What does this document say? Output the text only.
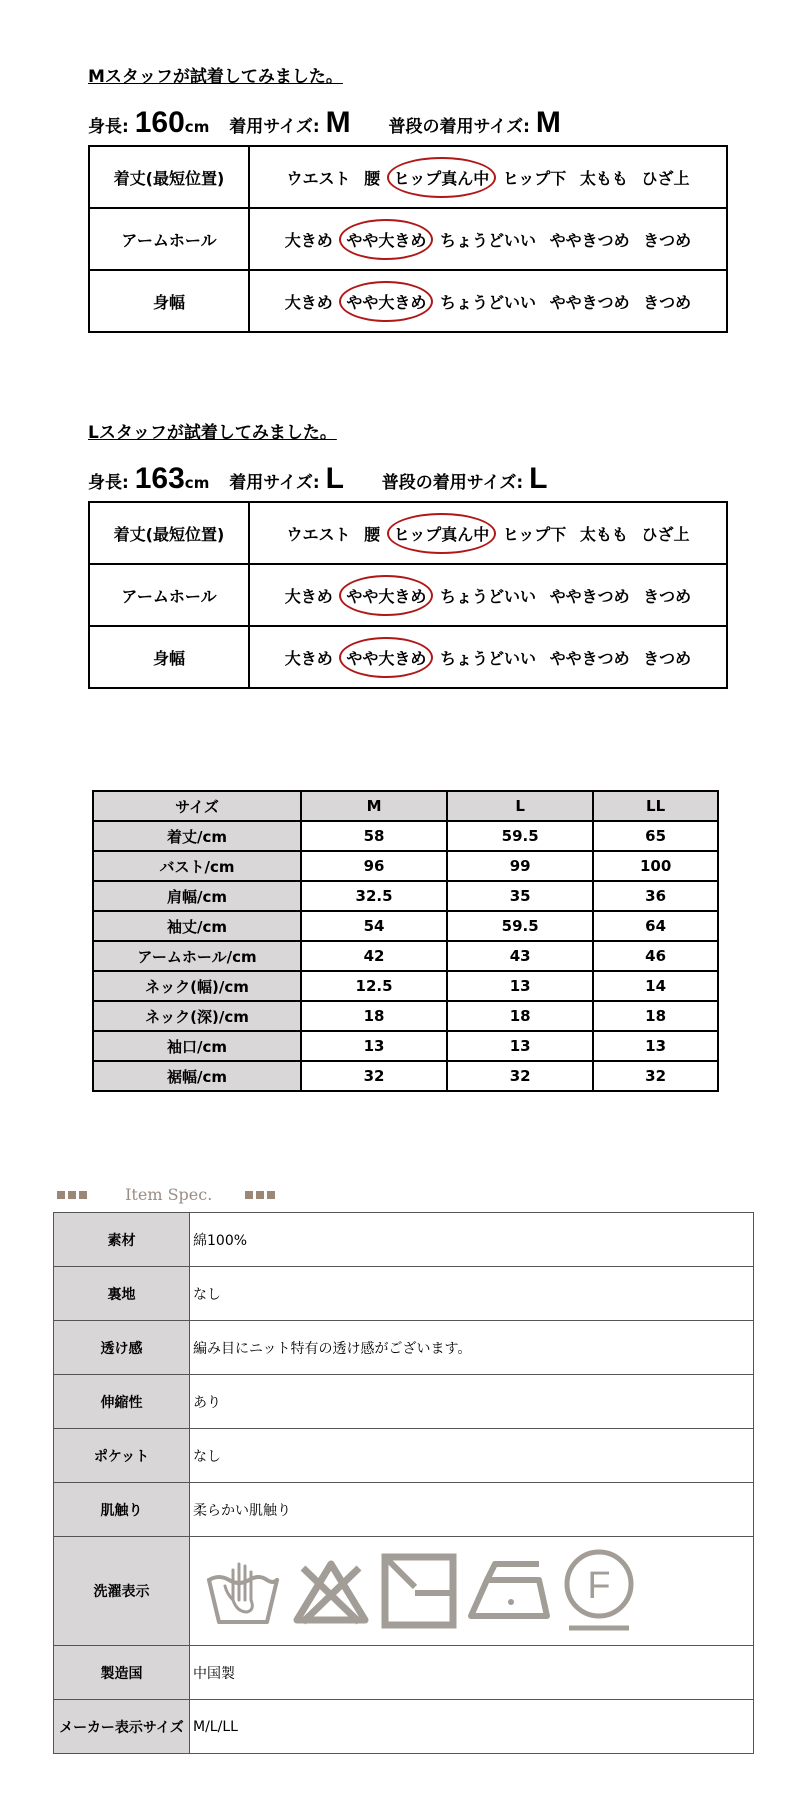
Mスタッフが試着してみました。
身長: 160cm 着用サイズ: M 普段の着用サイズ: M
着丈(最短位置)	ウエスト 腰 ヒップ真ん中 ヒップ下 太もも ひざ上
アームホール	大きめ やや大きめ ちょうどいい ややきつめ きつめ
身幅	大きめ やや大きめ ちょうどいい ややきつめ きつめ
Lスタッフが試着してみました。
身長: 163cm 着用サイズ: L 普段の着用サイズ: L
着丈(最短位置)	ウエスト 腰 ヒップ真ん中 ヒップ下 太もも ひざ上
アームホール	大きめ やや大きめ ちょうどいい ややきつめ きつめ
身幅	大きめ やや大きめ ちょうどいい ややきつめ きつめ
サイズ	M	L	LL
着丈/cm	58	59.5	65
バスト/cm	96	99	100
肩幅/cm	32.5	35	36
袖丈/cm	54	59.5	64
アームホール/cm	42	43	46
ネック(幅)/cm	12.5	13	14
ネック(深)/cm	18	18	18
袖口/cm	13	13	13
裾幅/cm	32	32	32
Item Spec.
素材	綿100%
裏地	なし
透け感	編み目にニット特有の透け感がございます。
伸縮性	あり
ポケット	なし
肌触り	柔らかい肌触り
洗濯表示	F

製造国	中国製
メーカー表示サイズ	M/L/LL
